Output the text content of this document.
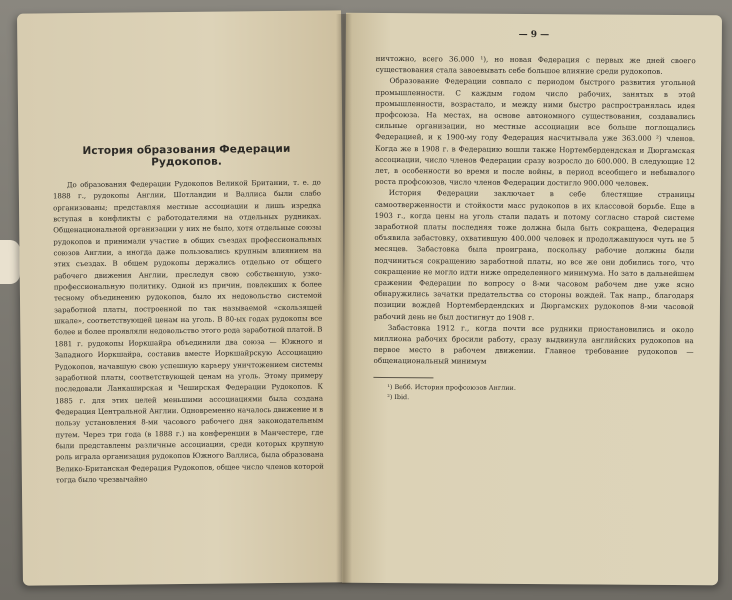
История образования Федерации Рудокопов.

До образования Федерации Рудокопов Великой Британии, т. е. до 1888 г., рудокопы Англии, Шотландии и Валлиса были слабо организованы; представляя местные ассоциации и лишь изредка вступая в конфликты с работодателями на отдельных рудниках. Общенациональной организации у них не было, хотя отдельные союзы рудокопов и принимали участие в общих съездах профессиональных союзов Англии, а иногда даже пользовались крупным влиянием на этих съездах. В общем рудокопы держались отдельно от общего рабочего движения Англии, преследуя свою собственную, узко-профессиональную политику. Одной из причин, повлекших к более тесному объединению рудокопов, было их недовольство системой заработной платы, построенной по так называемой «скользящей шкале», соответствующей ценам на уголь. В 80-ых годах рудокопы все более и более проявляли недовольство этого рода заработной платой. В 1881 г. рудокопы Иоркшайра объединили два союза — Южного и Западного Иоркшайра, составив вместе Иоркшайрскую Ассоциацию Рудокопов, начавшую свою успешную карьеру уничтожением системы заработной платы, соответствующей ценам на уголь. Этому примеру последовали Ланкаширская и Чеширская Федерации Рудокопов. К 1885 г. для этих целей меньшими ассоциациями была создана Федерация Центральной Англии. Одновременно началось движение и в пользу установления 8-ми часового рабочего дня законодательным путем. Через три года (в 1888 г.) на конференции в Манчестере, где были представлены различные ассоциации, среди которых крупную роль играла организация рудокопов Южного Валлиса, была образована Велико-Британская Федерация Рудокопов, общее число членов которой тогда было чрезвычайно

— 9 —

ничтожно, всего 36.000 ¹), но новая Федерация с первых же дней своего существования стала завоевывать себе большое влияние среди рудокопов.

Образование Федерации совпало с периодом быстрого развития угольной промышленности. С каждым годом число рабочих, занятых в этой промышленности, возрастало, и между ними быстро распространялась идея профсоюза. На местах, на основе автономного существования, создавались сильные организации, но местные ассоциации все больше поглощались Федерацией, и к 1900-му году Федерация насчитывала уже 363.000 ²) членов. Когда же в 1908 г. в Федерацию вошли также Нортембердендская и Дюргамская ассоциации, число членов Федерации сразу возросло до 600.000. В следующие 12 лет, в особенности во время и после войны, в период всеобщего и небывалого роста профсоюзов, число членов Федерации достигло 900.000 человек.

История Федерации заключает в себе блестящие страницы самоотверженности и стойкости масс рудокопов в их классовой борьбе. Еще в 1903 г., когда цены на уголь стали падать и потому согласно старой системе заработной платы последняя тоже должна была быть сокращена, Федерация объявила забастовку, охватившую 400.000 человек и продолжавшуюся чуть не 5 месяцев. Забастовка была проиграна, поскольку рабочие должны были подчиниться сокращению заработной платы, но все же они добились того, что сокращение не могло идти ниже определенного минимума. Но зато в дальнейшем сражении Федерации по вопросу о 8-ми часовом рабочем дне уже ясно обнаружились зачатки предательства со стороны вождей. Так напр., благодаря позиции вождей Нортембердендских и Дюргамских рудокопов 8-ми часовой рабочий день не был достигнут до 1908 г.

Забастовка 1912 г., когда почти все рудники приостановились и около миллиона рабочих бросили работу, сразу выдвинула английских рудокопов на первое место в рабочем движении. Главное требование рудокопов — общенациональный минимум

¹) Вебб. История профсоюзов Англии.

²) Ibid.
